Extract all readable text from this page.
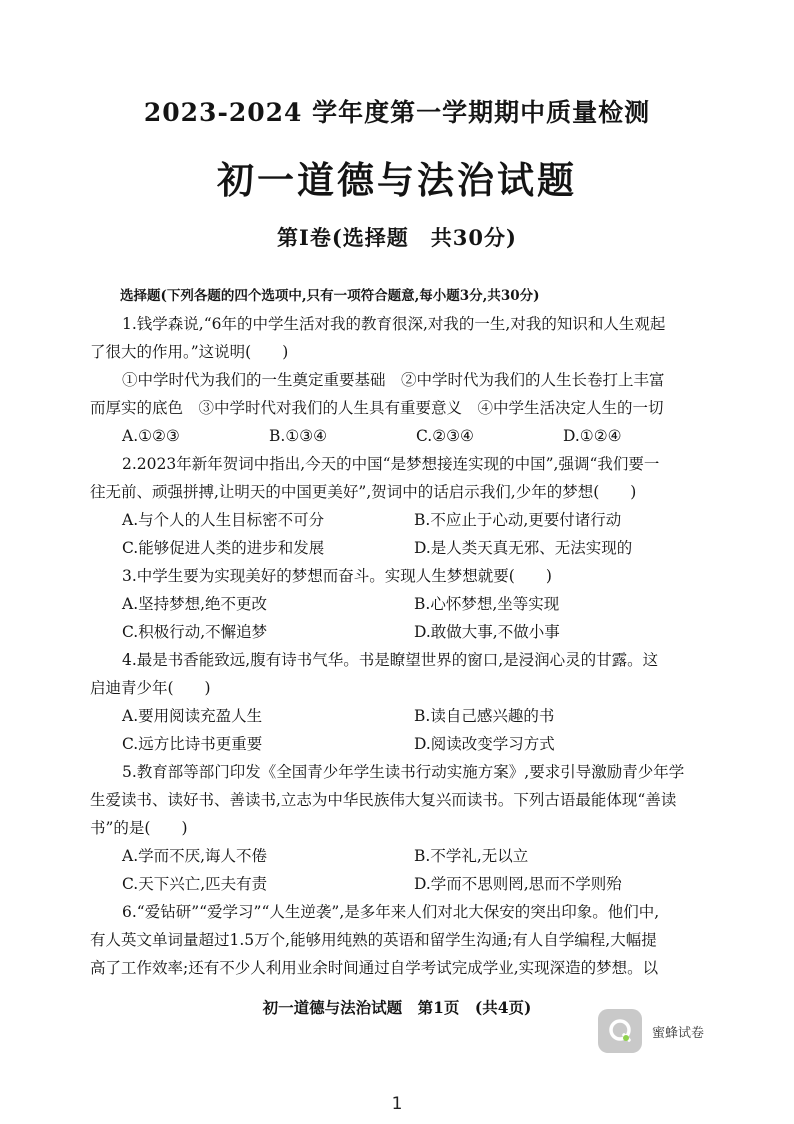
2023-2024 学年度第一学期期中质量检测
初一道德与法治试题
第Ⅰ卷(选择题　共30分)

选择题(下列各题的四个选项中,只有一项符合题意,每小题3分,共30分)

1.钱学森说,“6年的中学生活对我的教育很深,对我的一生,对我的知识和人生观起

了很大的作用。”这说明(　　)

①中学时代为我们的一生奠定重要基础　②中学时代为我们的人生长卷打上丰富

而厚实的底色　③中学时代对我们的人生具有重要意义　④中学生活决定人生的一切

A.①②③	B.①③④	C.②③④	D.①②④

2.2023年新年贺词中指出,今天的中国“是梦想接连实现的中国”,强调“我们要一

往无前、顽强拼搏,让明天的中国更美好”,贺词中的话启示我们,少年的梦想(　　)

A.与个人的人生目标密不可分	B.不应止于心动,更要付诸行动
C.能够促进人类的进步和发展	D.是人类天真无邪、无法实现的

3.中学生要为实现美好的梦想而奋斗。实现人生梦想就要(　　)

A.坚持梦想,绝不更改	B.心怀梦想,坐等实现
C.积极行动,不懈追梦	D.敢做大事,不做小事

4.最是书香能致远,腹有诗书气华。书是瞭望世界的窗口,是浸润心灵的甘露。这

启迪青少年(　　)

A.要用阅读充盈人生	B.读自己感兴趣的书
C.远方比诗书更重要	D.阅读改变学习方式

5.教育部等部门印发《全国青少年学生读书行动实施方案》,要求引导激励青少年学

生爱读书、读好书、善读书,立志为中华民族伟大复兴而读书。下列古语最能体现“善读

书”的是(　　)

A.学而不厌,诲人不倦	B.不学礼,无以立
C.天下兴亡,匹夫有责	D.学而不思则罔,思而不学则殆

6.“爱钻研”“爱学习”“人生逆袭”,是多年来人们对北大保安的突出印象。他们中,

有人英文单词量超过1.5万个,能够用纯熟的英语和留学生沟通;有人自学编程,大幅提

高了工作效率;还有不少人利用业余时间通过自学考试完成学业,实现深造的梦想。以

初一道德与法治试题　第1页　(共4页)
蜜蜂试卷
1
